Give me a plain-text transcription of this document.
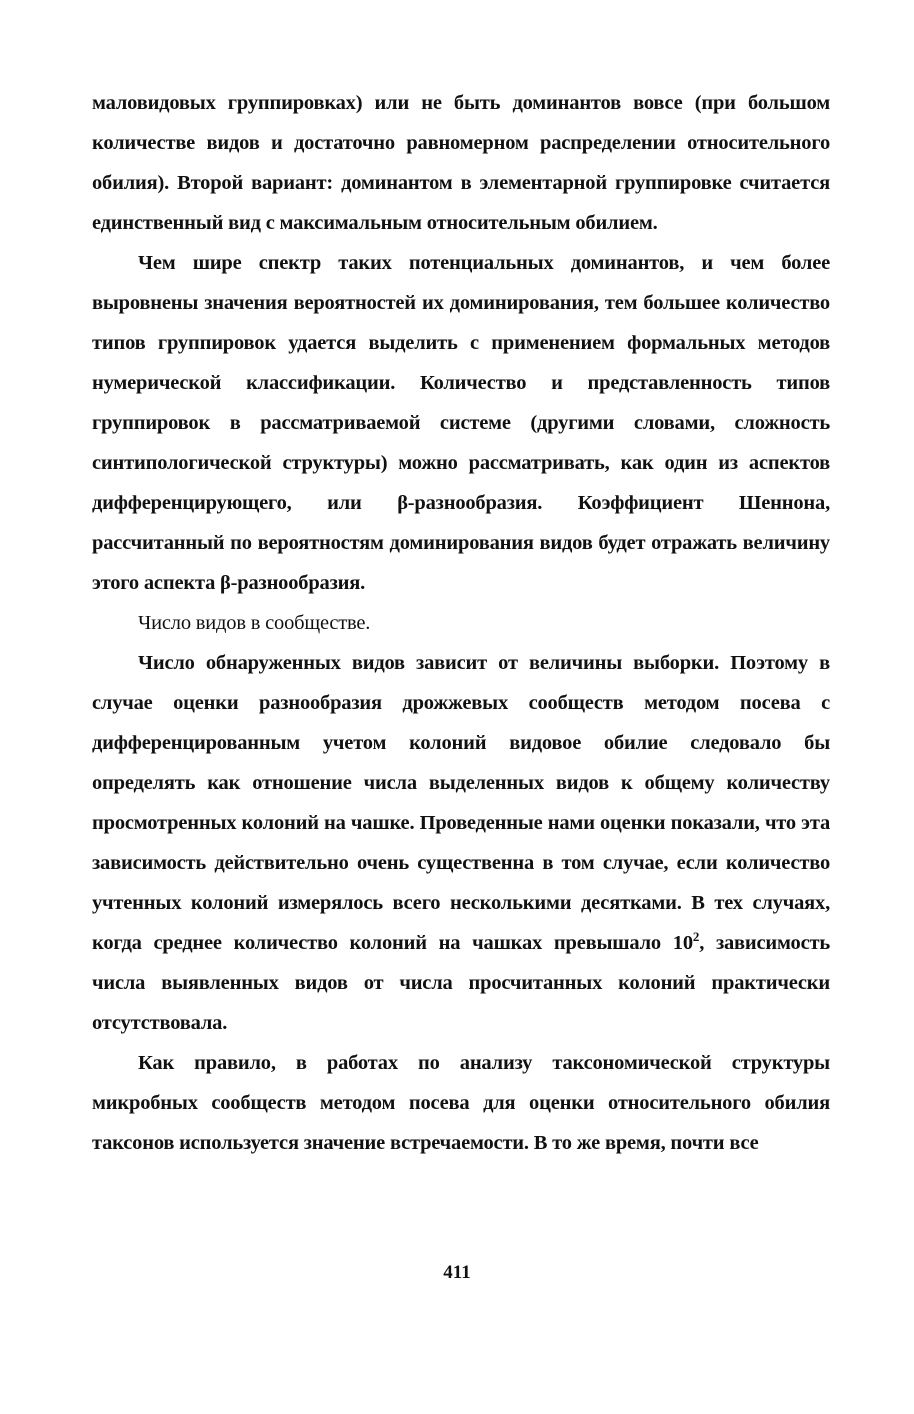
маловидовых группировках) или не быть доминантов вовсе (при большом количестве видов и достаточно равномерном распределении относительного обилия). Второй вариант: доминантом в элементарной группировке считается единственный вид с максимальным относительным обилием.

Чем шире спектр таких потенциальных доминантов, и чем более выровнены значения вероятностей их доминирования, тем большее количество типов группировок удается выделить с применением формальных методов нумерической классификации. Количество и представленность типов группировок в рассматриваемой системе (другими словами, сложность синтипологической структуры) можно рассматривать, как один из аспектов дифференцирующего, или β-разнообразия. Коэффициент Шеннона, рассчитанный по вероятностям доминирования видов будет отражать величину этого аспекта β-разнообразия.

Число видов в сообществе.

Число обнаруженных видов зависит от величины выборки. Поэтому в случае оценки разнообразия дрожжевых сообществ методом посева с дифференцированным учетом колоний видовое обилие следовало бы определять как отношение числа выделенных видов к общему количеству просмотренных колоний на чашке. Проведенные нами оценки показали, что эта зависимость действительно очень существенна в том случае, если количество учтенных колоний измерялось всего несколькими десятками. В тех случаях, когда среднее количество колоний на чашках превышало $10^2$, зависимость числа выявленных видов от числа просчитанных колоний практически отсутствовала.

Как правило, в работах по анализу таксономической структуры микробных сообществ методом посева для оценки относительного обилия таксонов используется значение встречаемости. В то же время, почти все

411
